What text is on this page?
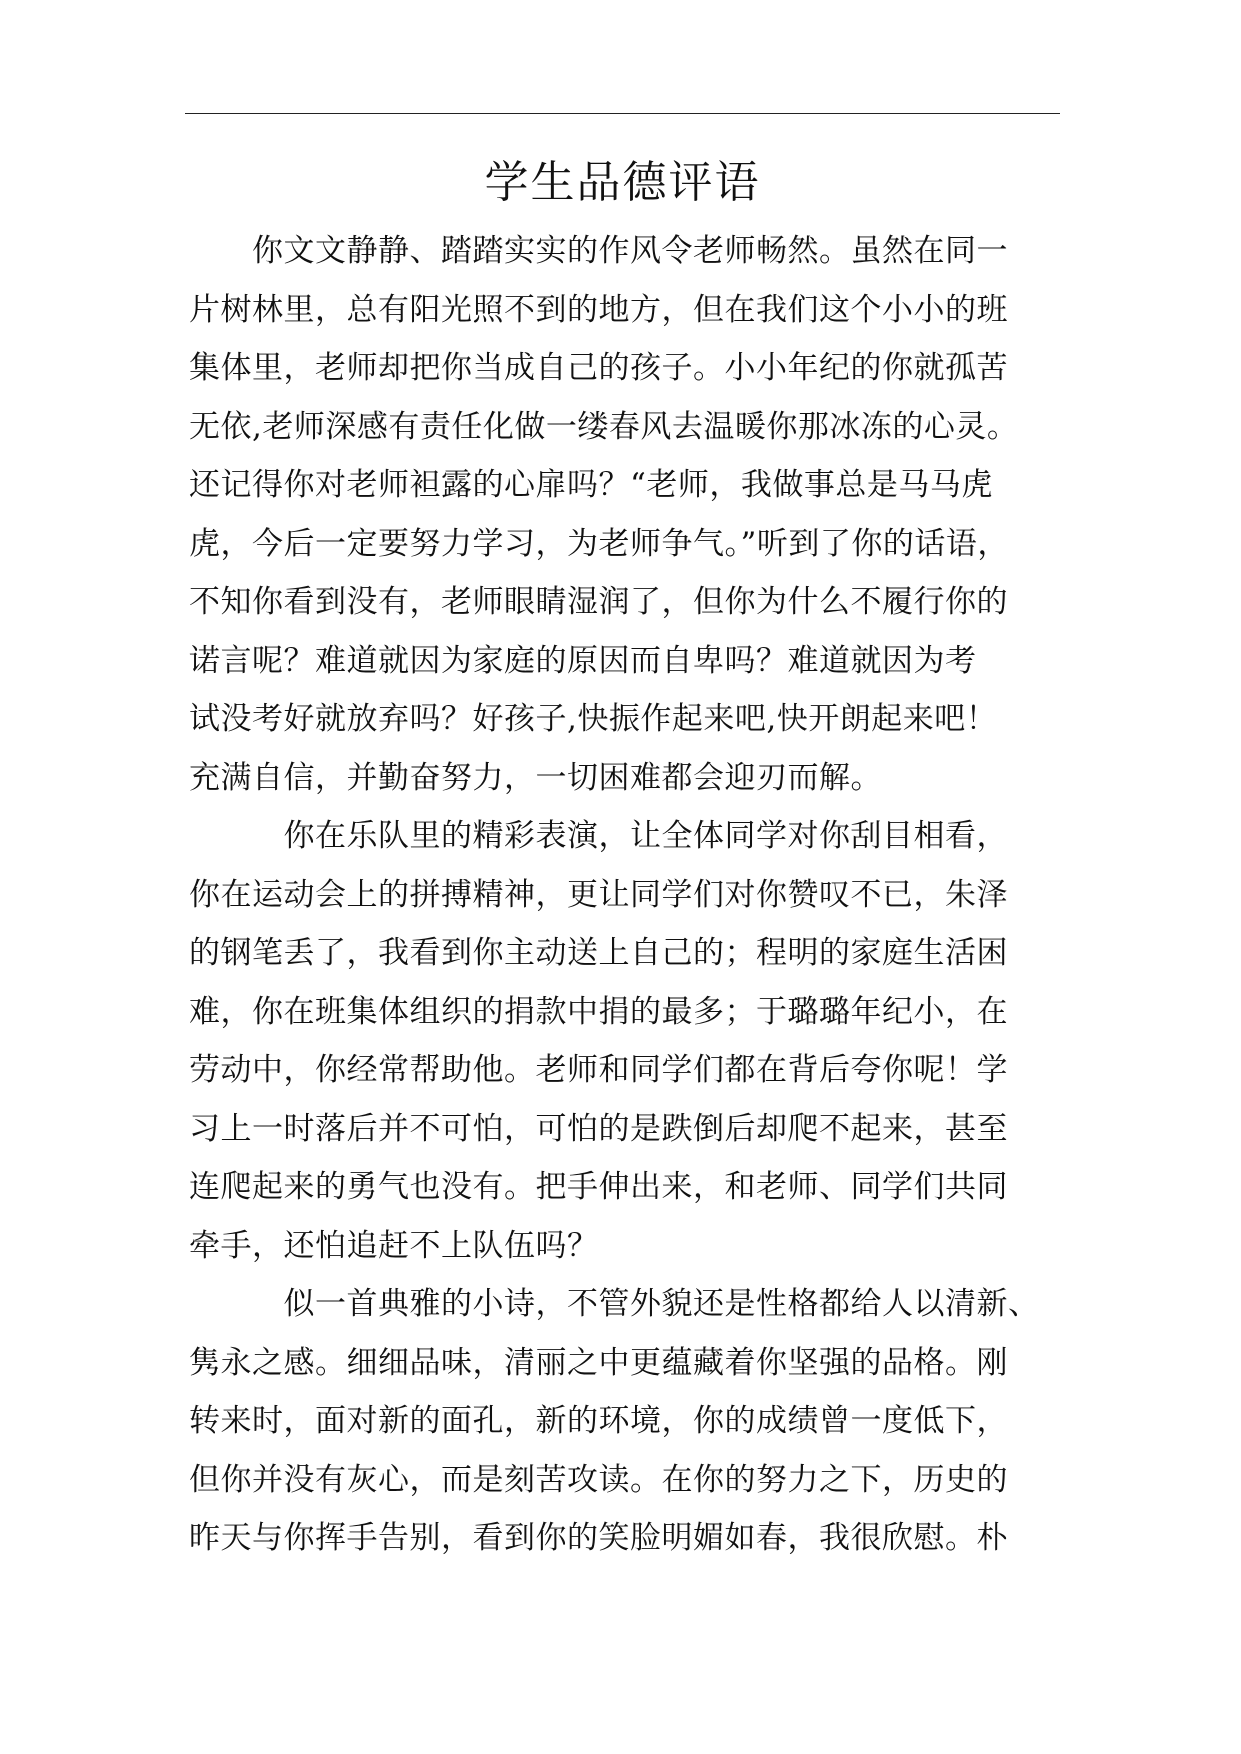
学生品德评语
　　你文文静静、踏踏实实的作风令老师畅然。虽然在同一
片树林里，总有阳光照不到的地方，但在我们这个小小的班
集体里，老师却把你当成自己的孩子。小小年纪的你就孤苦
无依,老师深感有责任化做一缕春风去温暖你那冰冻的心灵。
还记得你对老师袒露的心扉吗？“老师，我做事总是马马虎
虎，今后一定要努力学习，为老师争气。”听到了你的话语，
不知你看到没有，老师眼睛湿润了，但你为什么不履行你的
诺言呢？难道就因为家庭的原因而自卑吗？难道就因为考
试没考好就放弃吗？好孩子,快振作起来吧,快开朗起来吧！
充满自信，并勤奋努力，一切困难都会迎刃而解。
　　　你在乐队里的精彩表演，让全体同学对你刮目相看，
你在运动会上的拼搏精神，更让同学们对你赞叹不已，朱泽
的钢笔丢了，我看到你主动送上自己的；程明的家庭生活困
难，你在班集体组织的捐款中捐的最多；于璐璐年纪小，在
劳动中，你经常帮助他。老师和同学们都在背后夸你呢！学
习上一时落后并不可怕，可怕的是跌倒后却爬不起来，甚至
连爬起来的勇气也没有。把手伸出来，和老师、同学们共同
牵手，还怕追赶不上队伍吗？
　　　似一首典雅的小诗，不管外貌还是性格都给人以清新、
隽永之感。细细品味，清丽之中更蕴藏着你坚强的品格。刚
转来时，面对新的面孔，新的环境，你的成绩曾一度低下，
但你并没有灰心，而是刻苦攻读。在你的努力之下，历史的
昨天与你挥手告别，看到你的笑脸明媚如春，我很欣慰。朴
